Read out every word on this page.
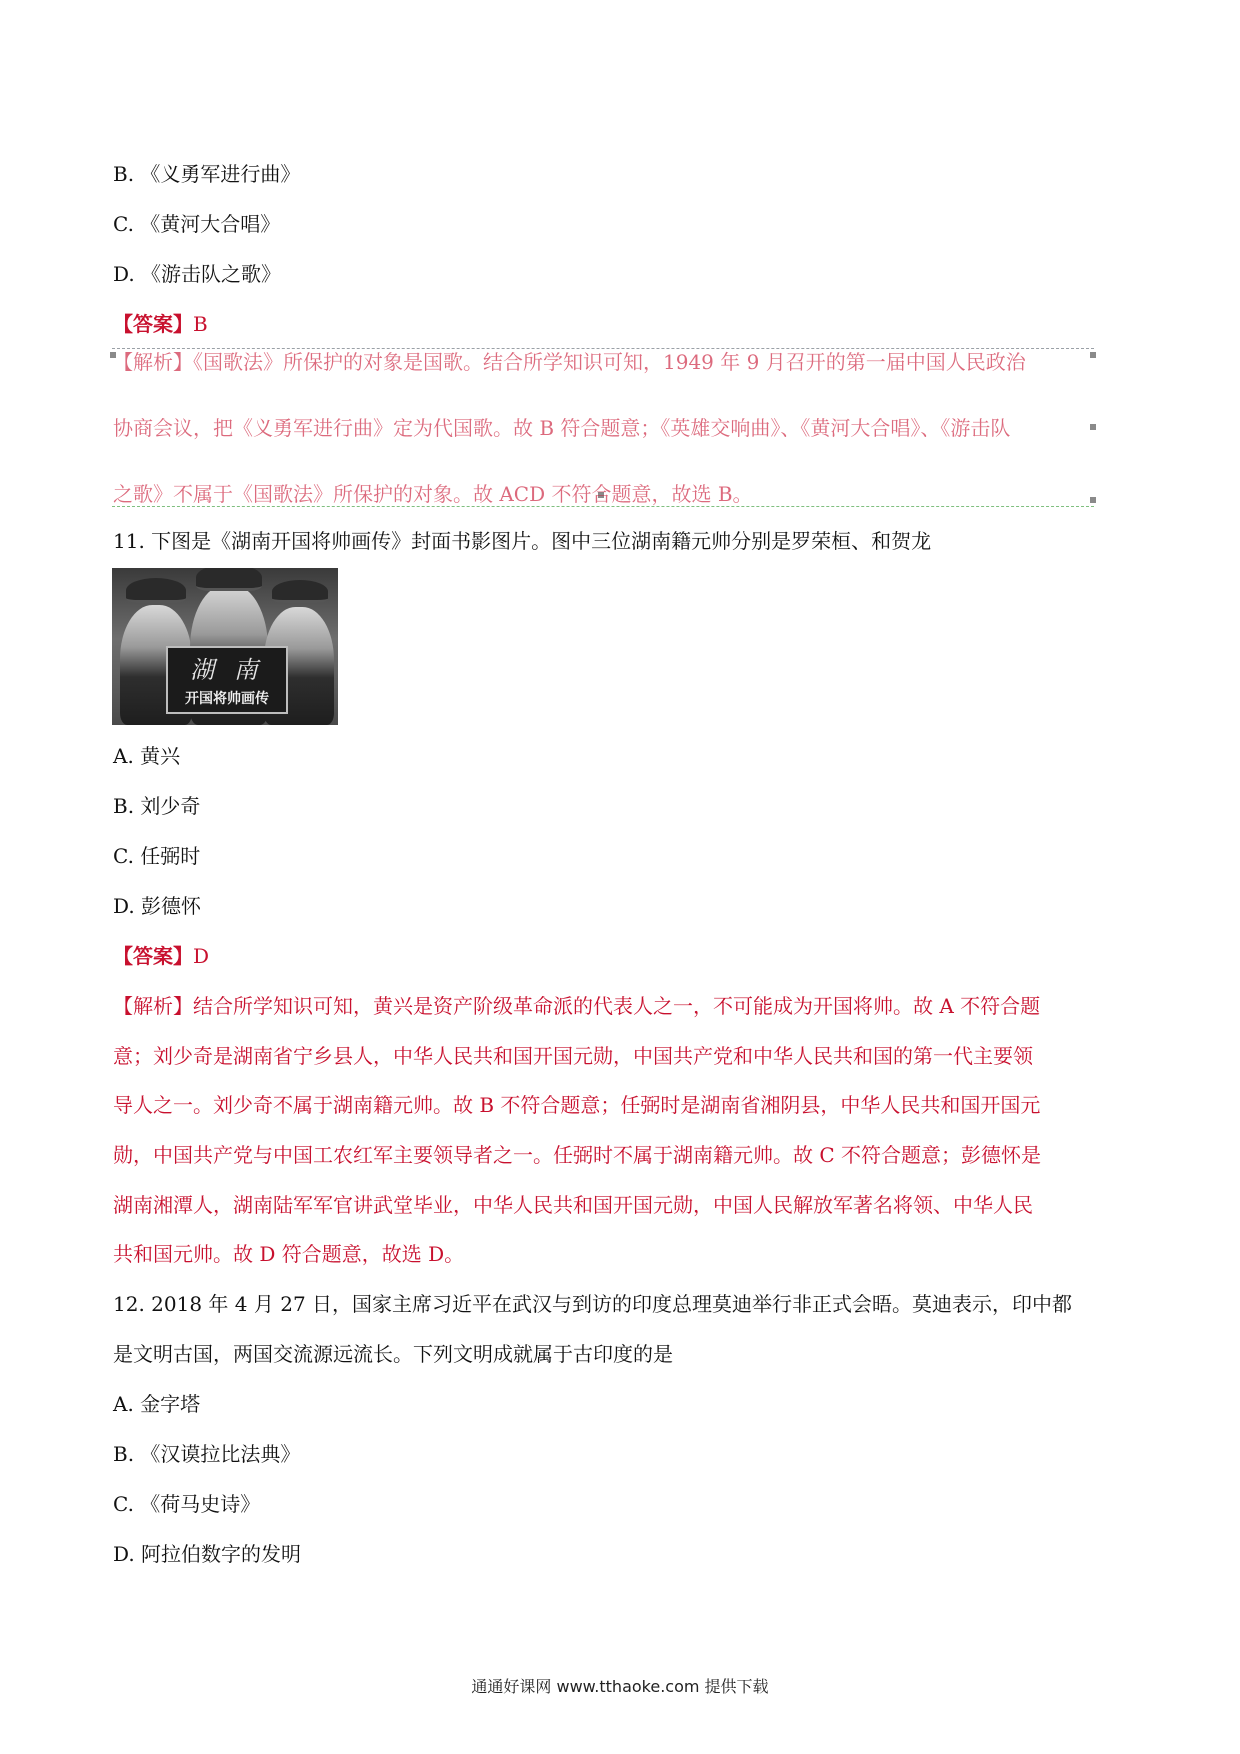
B. 《义勇军进行曲》
C. 《黄河大合唱》
D. 《游击队之歌》
【答案】B
【解析】《国歌法》所保护的对象是国歌。结合所学知识可知，1949 年 9 月召开的第一届中国人民政治
协商会议，把《义勇军进行曲》定为代国歌。故 B 符合题意；《英雄交响曲》、《黄河大合唱》、《游击队
之歌》不属于《国歌法》所保护的对象。故 ACD 不符合题意，故选 B。
11. 下图是《湖南开国将帅画传》封面书影图片。图中三位湖南籍元帅分别是罗荣桓、和贺龙
湖 南
开国将帅画传
A. 黄兴
B. 刘少奇
C. 任弼时
D. 彭德怀
【答案】D
【解析】结合所学知识可知，黄兴是资产阶级革命派的代表人之一，不可能成为开国将帅。故 A 不符合题
意；刘少奇是湖南省宁乡县人，中华人民共和国开国元勋，中国共产党和中华人民共和国的第一代主要领
导人之一。刘少奇不属于湖南籍元帅。故 B 不符合题意；任弼时是湖南省湘阴县，中华人民共和国开国元
勋，中国共产党与中国工农红军主要领导者之一。任弼时不属于湖南籍元帅。故 C 不符合题意；彭德怀是
湖南湘潭人，湖南陆军军官讲武堂毕业，中华人民共和国开国元勋，中国人民解放军著名将领、中华人民
共和国元帅。故 D 符合题意，故选 D。
12. 2018 年 4 月 27 日，国家主席习近平在武汉与到访的印度总理莫迪举行非正式会晤。莫迪表示，印中都
是文明古国，两国交流源远流长。下列文明成就属于古印度的是
A. 金字塔
B. 《汉谟拉比法典》
C. 《荷马史诗》
D. 阿拉伯数字的发明
通通好课网 www.tthaoke.com 提供下载
